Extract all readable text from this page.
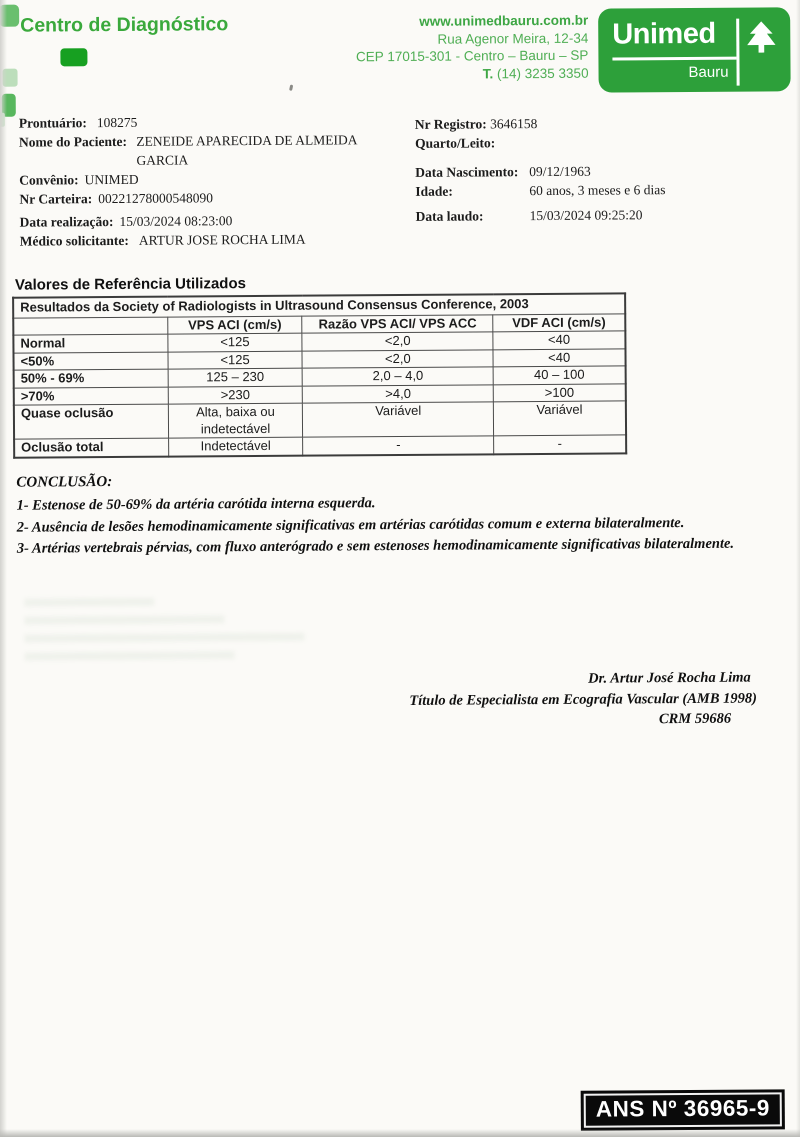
Centro de Diagnóstico	www.unimedbauru.com.br
Rua Agenor Meira, 12-34
CEP 17015-301 - Centro – Bauru – SP
T. (14) 3235 3350
Unimed
Bauru
Prontuário: 108275
Nome do Paciente: ZENEIDE APARECIDA DE ALMEIDA GARCIA
Convênio: UNIMED
Nr Carteira: 00221278000548090
Data realização: 15/03/2024 08:23:00
Médico solicitante: ARTUR JOSE ROCHA LIMA
Nr Registro: 3646158
Quarto/Leito:
Data Nascimento: 09/12/1963
Idade:	60 anos, 3 meses e 6 dias
Data laudo:	15/03/2024 09:25:20
Valores de Referência Utilizados
Resultados da Society of Radiologists in Ultrasound Consensus Conference, 2003			
	VPS ACI (cm/s)	Razão VPS ACI/ VPS ACC	VDF ACI (cm/s)
Normal	<125	<2,0	<40
<50%	<125	<2,0	<40
50% - 69%	125 – 230	2,0 – 4,0	40 – 100
>70%	>230	>4,0	>100
Quase oclusão	Alta, baixa ou indetectável	Variável	Variável
Oclusão total	Indetectável	-	-
CONCLUSÃO:

1- Estenose de 50-69% da artéria carótida interna esquerda.

2- Ausência de lesões hemodinamicamente significativas em artérias carótidas comum e externa bilateralmente.

3- Artérias vertebrais pérvias, com fluxo anterógrado e sem estenoses hemodinamicamente significativas bilateralmente.

Dr. Artur José Rocha Lima
Título de Especialista em Ecografia Vascular (AMB 1998)
CRM 59686
ANS Nº 36965-9
